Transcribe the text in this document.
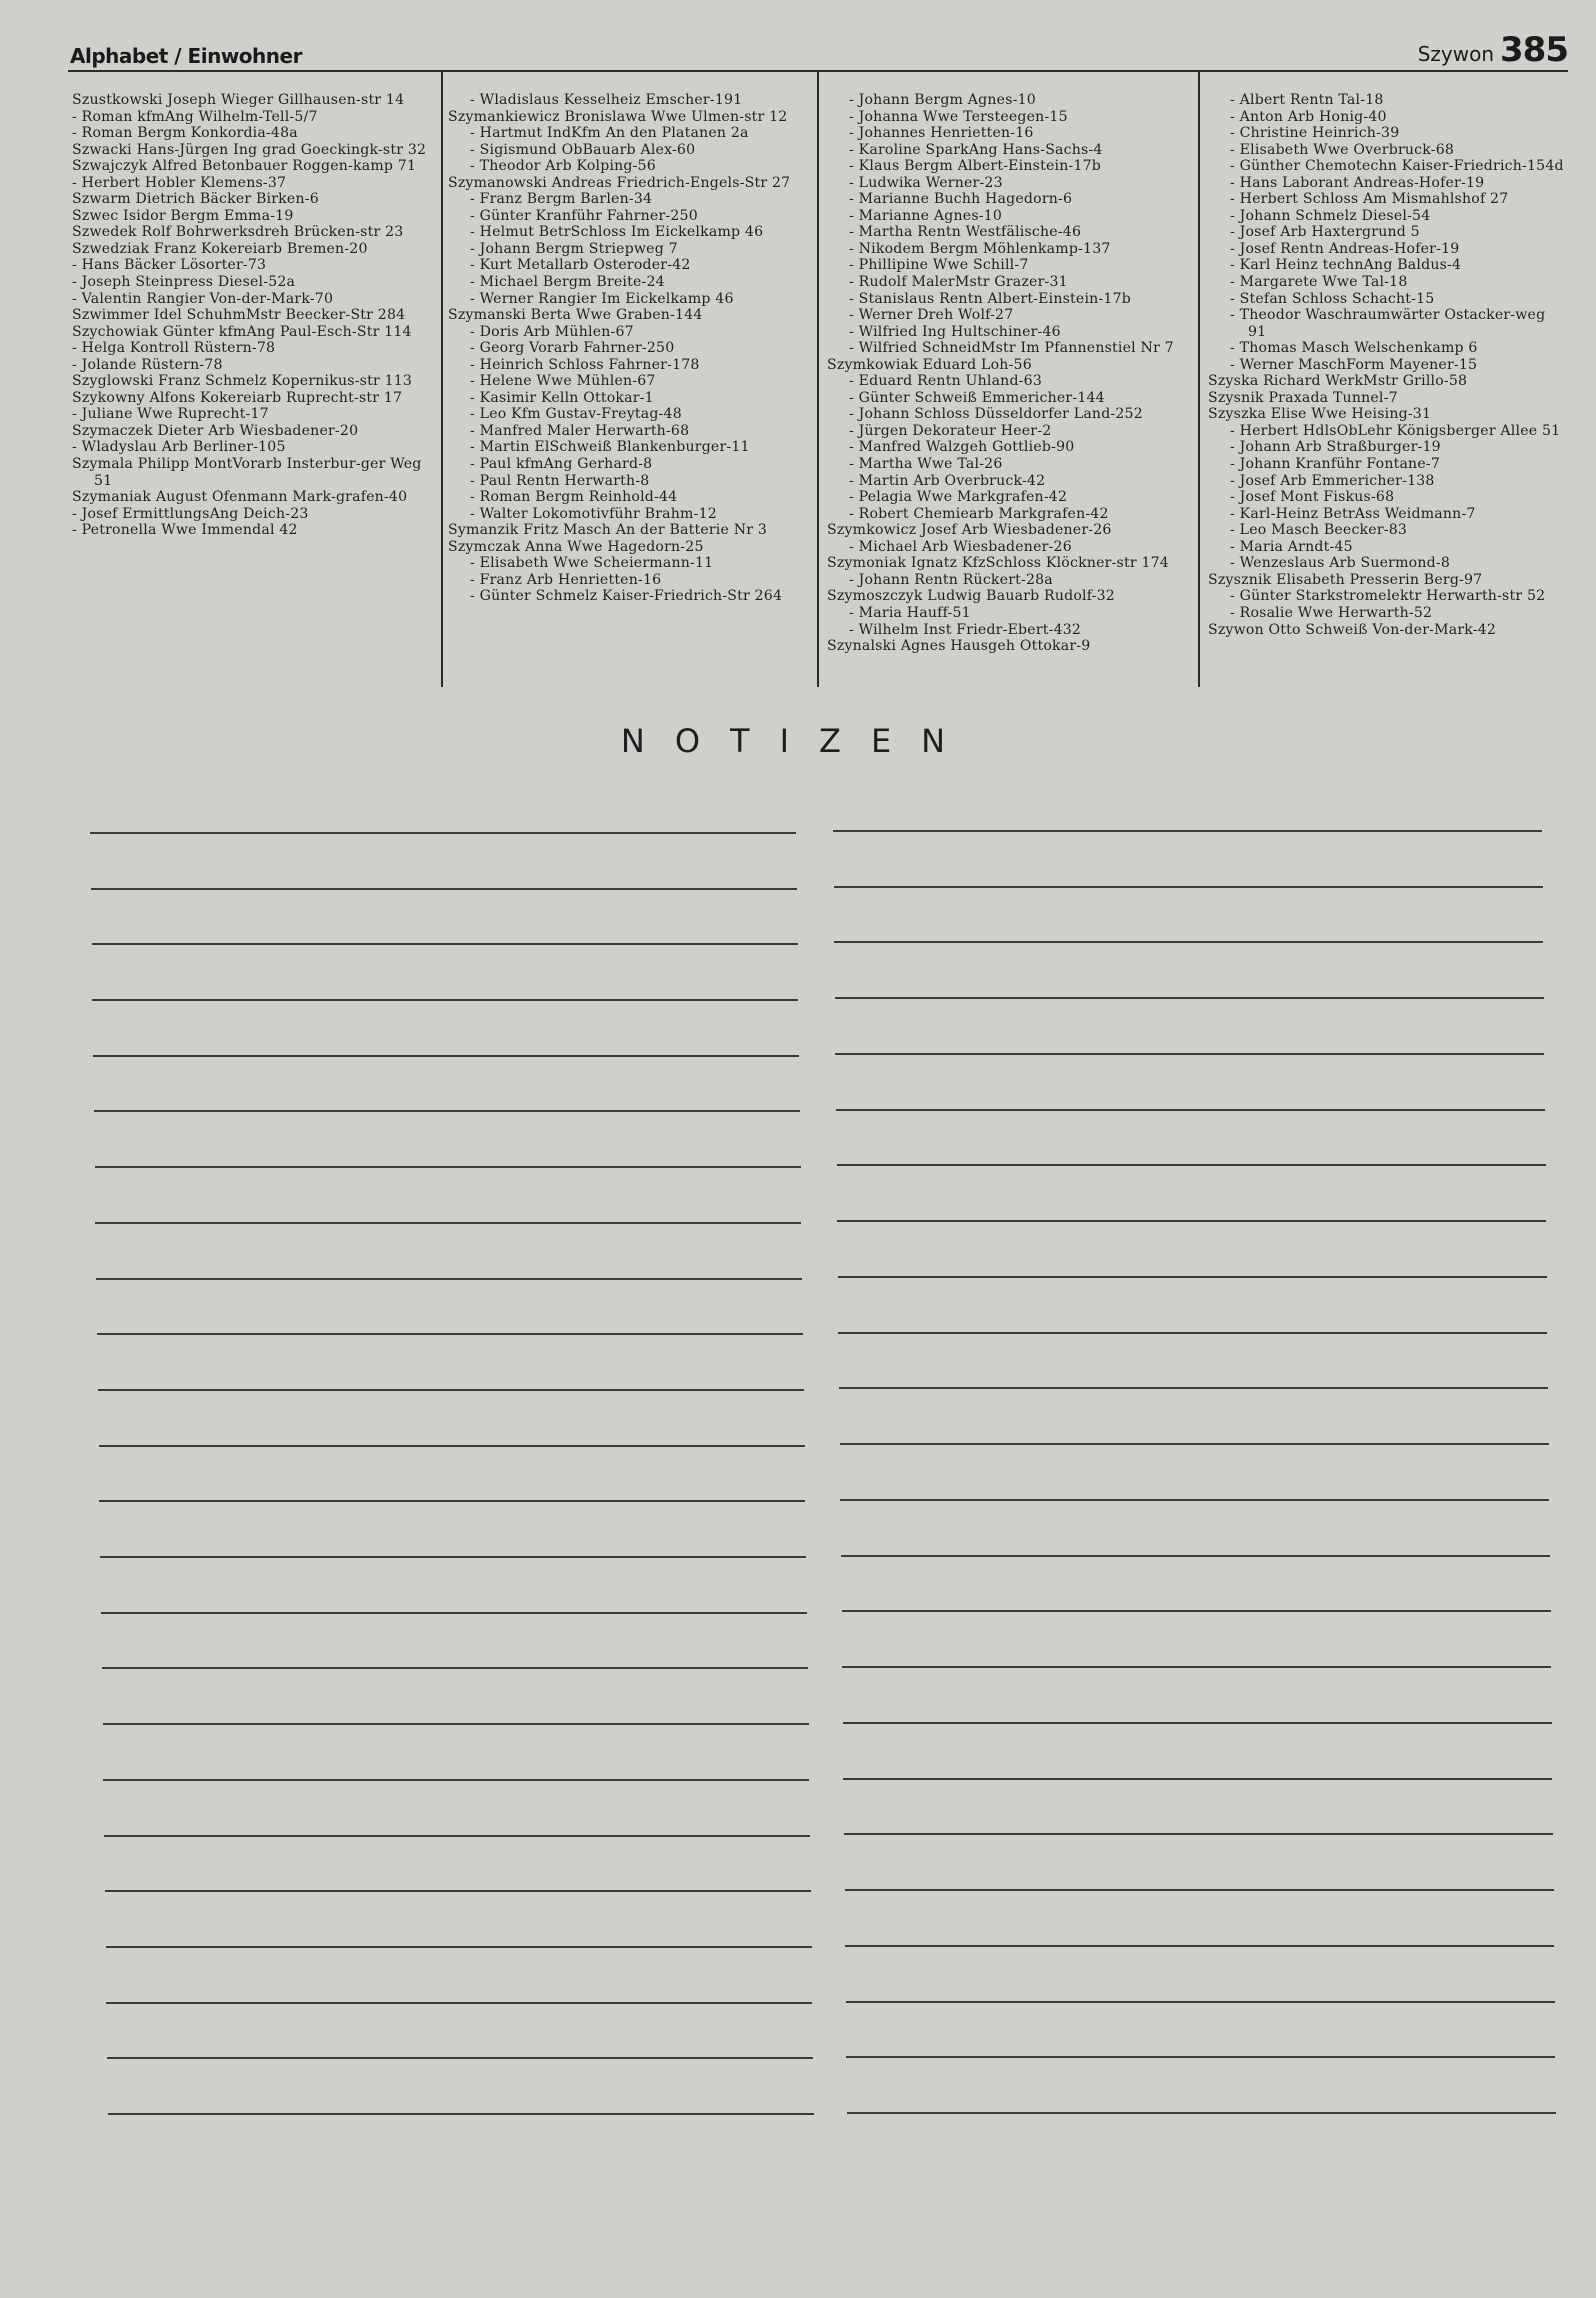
Alphabet / Einwohner	Szywon 385
Szustkowski Joseph Wieger Gillhausen-str 14
- Roman kfmAng Wilhelm-Tell-5/7
- Roman Bergm Konkordia-48a
Szwacki Hans-Jürgen Ing grad Goeckingk-str 32
Szwajczyk Alfred Betonbauer Roggen-kamp 71
- Herbert Hobler Klemens-37
Szwarm Dietrich Bäcker Birken-6
Szwec Isidor Bergm Emma-19
Szwedek Rolf Bohrwerksdreh Brücken-str 23
Szwedziak Franz Kokereiarb Bremen-20
- Hans Bäcker Lösorter-73
- Joseph Steinpress Diesel-52a
- Valentin Rangier Von-der-Mark-70
Szwimmer Idel SchuhmMstr Beecker-Str 284
Szychowiak Günter kfmAng Paul-Esch-Str 114
- Helga Kontroll Rüstern-78
- Jolande Rüstern-78
Szyglowski Franz Schmelz Kopernikus-str 113
Szykowny Alfons Kokereiarb Ruprecht-str 17
- Juliane Wwe Ruprecht-17
Szymaczek Dieter Arb Wiesbadener-20
- Wladyslau Arb Berliner-105
Szymala Philipp MontVorarb Insterbur-ger Weg 51
Szymaniak August Ofenmann Mark-grafen-40
- Josef ErmittlungsAng Deich-23
- Petronella Wwe Immendal 42
- Wladislaus Kesselheiz Emscher-191
Szymankiewicz Bronislawa Wwe Ulmen-str 12
- Hartmut IndKfm An den Platanen 2a
- Sigismund ObBauarb Alex-60
- Theodor Arb Kolping-56
Szymanowski Andreas Friedrich-Engels-Str 27
- Franz Bergm Barlen-34
- Günter Kranführ Fahrner-250
- Helmut BetrSchloss Im Eickelkamp 46
- Johann Bergm Striepweg 7
- Kurt Metallarb Osteroder-42
- Michael Bergm Breite-24
- Werner Rangier Im Eickelkamp 46
Szymanski Berta Wwe Graben-144
- Doris Arb Mühlen-67
- Georg Vorarb Fahrner-250
- Heinrich Schloss Fahrner-178
- Helene Wwe Mühlen-67
- Kasimir Kelln Ottokar-1
- Leo Kfm Gustav-Freytag-48
- Manfred Maler Herwarth-68
- Martin ElSchweiß Blankenburger-11
- Paul kfmAng Gerhard-8
- Paul Rentn Herwarth-8
- Roman Bergm Reinhold-44
- Walter Lokomotivführ Brahm-12
Symanzik Fritz Masch An der Batterie Nr 3
Szymczak Anna Wwe Hagedorn-25
- Elisabeth Wwe Scheiermann-11
- Franz Arb Henrietten-16
- Günter Schmelz Kaiser-Friedrich-Str 264
- Johann Bergm Agnes-10
- Johanna Wwe Tersteegen-15
- Johannes Henrietten-16
- Karoline SparkAng Hans-Sachs-4
- Klaus Bergm Albert-Einstein-17b
- Ludwika Werner-23
- Marianne Buchh Hagedorn-6
- Marianne Agnes-10
- Martha Rentn Westfälische-46
- Nikodem Bergm Möhlenkamp-137
- Phillipine Wwe Schill-7
- Rudolf MalerMstr Grazer-31
- Stanislaus Rentn Albert-Einstein-17b
- Werner Dreh Wolf-27
- Wilfried Ing Hultschiner-46
- Wilfried SchneidMstr Im Pfannenstiel Nr 7
Szymkowiak Eduard Loh-56
- Eduard Rentn Uhland-63
- Günter Schweiß Emmericher-144
- Johann Schloss Düsseldorfer Land-252
- Jürgen Dekorateur Heer-2
- Manfred Walzgeh Gottlieb-90
- Martha Wwe Tal-26
- Martin Arb Overbruck-42
- Pelagia Wwe Markgrafen-42
- Robert Chemiearb Markgrafen-42
Szymkowicz Josef Arb Wiesbadener-26
- Michael Arb Wiesbadener-26
Szymoniak Ignatz KfzSchloss Klöckner-str 174
- Johann Rentn Rückert-28a
Szymoszczyk Ludwig Bauarb Rudolf-32
- Maria Hauff-51
- Wilhelm Inst Friedr-Ebert-432
Szynalski Agnes Hausgeh Ottokar-9
- Albert Rentn Tal-18
- Anton Arb Honig-40
- Christine Heinrich-39
- Elisabeth Wwe Overbruck-68
- Günther Chemotechn Kaiser-Friedrich-154d
- Hans Laborant Andreas-Hofer-19
- Herbert Schloss Am Mismahlshof 27
- Johann Schmelz Diesel-54
- Josef Arb Haxtergrund 5
- Josef Rentn Andreas-Hofer-19
- Karl Heinz technAng Baldus-4
- Margarete Wwe Tal-18
- Stefan Schloss Schacht-15
- Theodor Waschraumwärter Ostacker-weg 91
- Thomas Masch Welschenkamp 6
- Werner MaschForm Mayener-15
Szyska Richard WerkMstr Grillo-58
Szysnik Praxada Tunnel-7
Szyszka Elise Wwe Heising-31
- Herbert HdlsObLehr Königsberger Allee 51
- Johann Arb Straßburger-19
- Johann Kranführ Fontane-7
- Josef Arb Emmericher-138
- Josef Mont Fiskus-68
- Karl-Heinz BetrAss Weidmann-7
- Leo Masch Beecker-83
- Maria Arndt-45
- Wenzeslaus Arb Suermond-8
Szysznik Elisabeth Presserin Berg-97
- Günter Starkstromelektr Herwarth-str 52
- Rosalie Wwe Herwarth-52
Szywon Otto Schweiß Von-der-Mark-42
NOTIZEN
